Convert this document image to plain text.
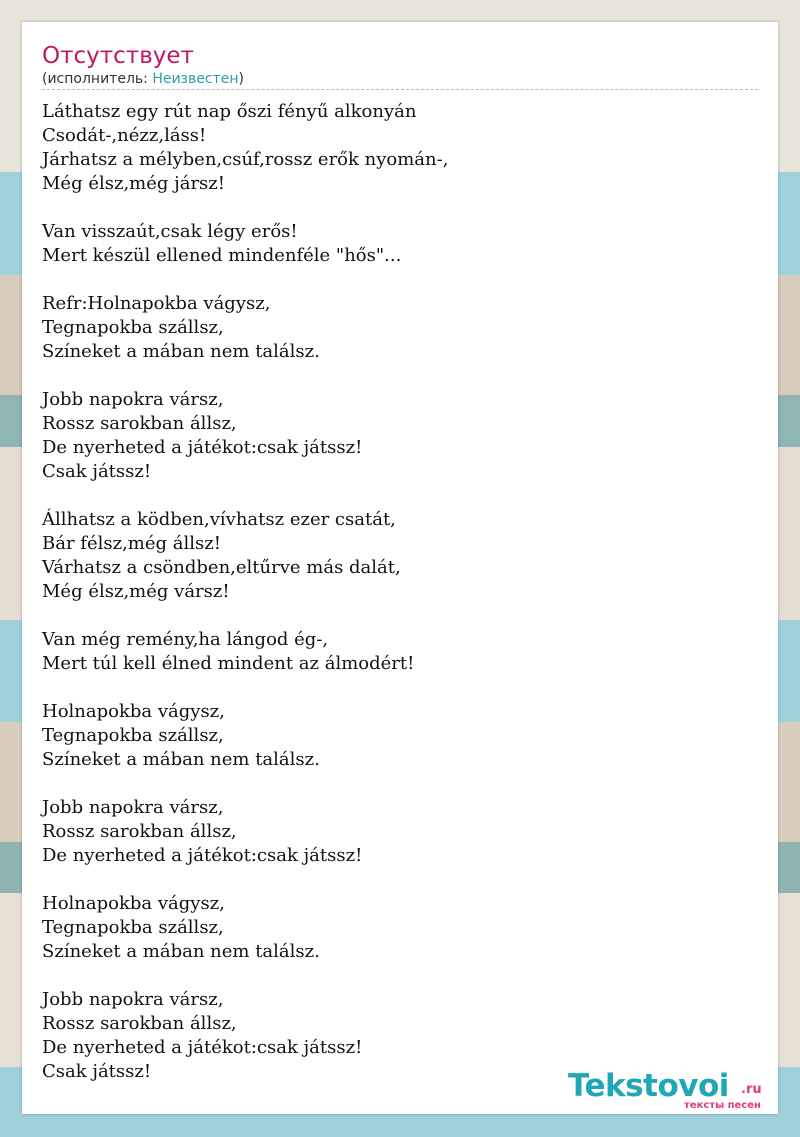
Отсутствует
(исполнитель: Неизвестен)
Láthatsz egy rút nap őszi fényű alkonyán
Csodát-,nézz,láss!
Járhatsz a mélyben,csúf,rossz erők nyomán-,
Még élsz,még jársz!

Van visszaút,csak légy erős!
Mert készül ellened mindenféle "hős"...

Refr:Holnapokba vágysz,
Tegnapokba szállsz,
Színeket a mában nem találsz.

Jobb napokra vársz,
Rossz sarokban állsz,
De nyerheted a játékot:csak játssz!
Csak játssz!

Állhatsz a ködben,vívhatsz ezer csatát,
Bár félsz,még állsz!
Várhatsz a csöndben,eltűrve más dalát,
Még élsz,még vársz!

Van még remény,ha lángod ég-,
Mert túl kell élned mindent az álmodért!

Holnapokba vágysz,
Tegnapokba szállsz,
Színeket a mában nem találsz.

Jobb napokra vársz,
Rossz sarokban állsz,
De nyerheted a játékot:csak játssz!

Holnapokba vágysz,
Tegnapokba szállsz,
Színeket a mában nem találsz.

Jobb napokra vársz,
Rossz sarokban állsz,
De nyerheted a játékot:csak játssz!
Csak játssz!	Tekstovoi .ru
тексты песен
